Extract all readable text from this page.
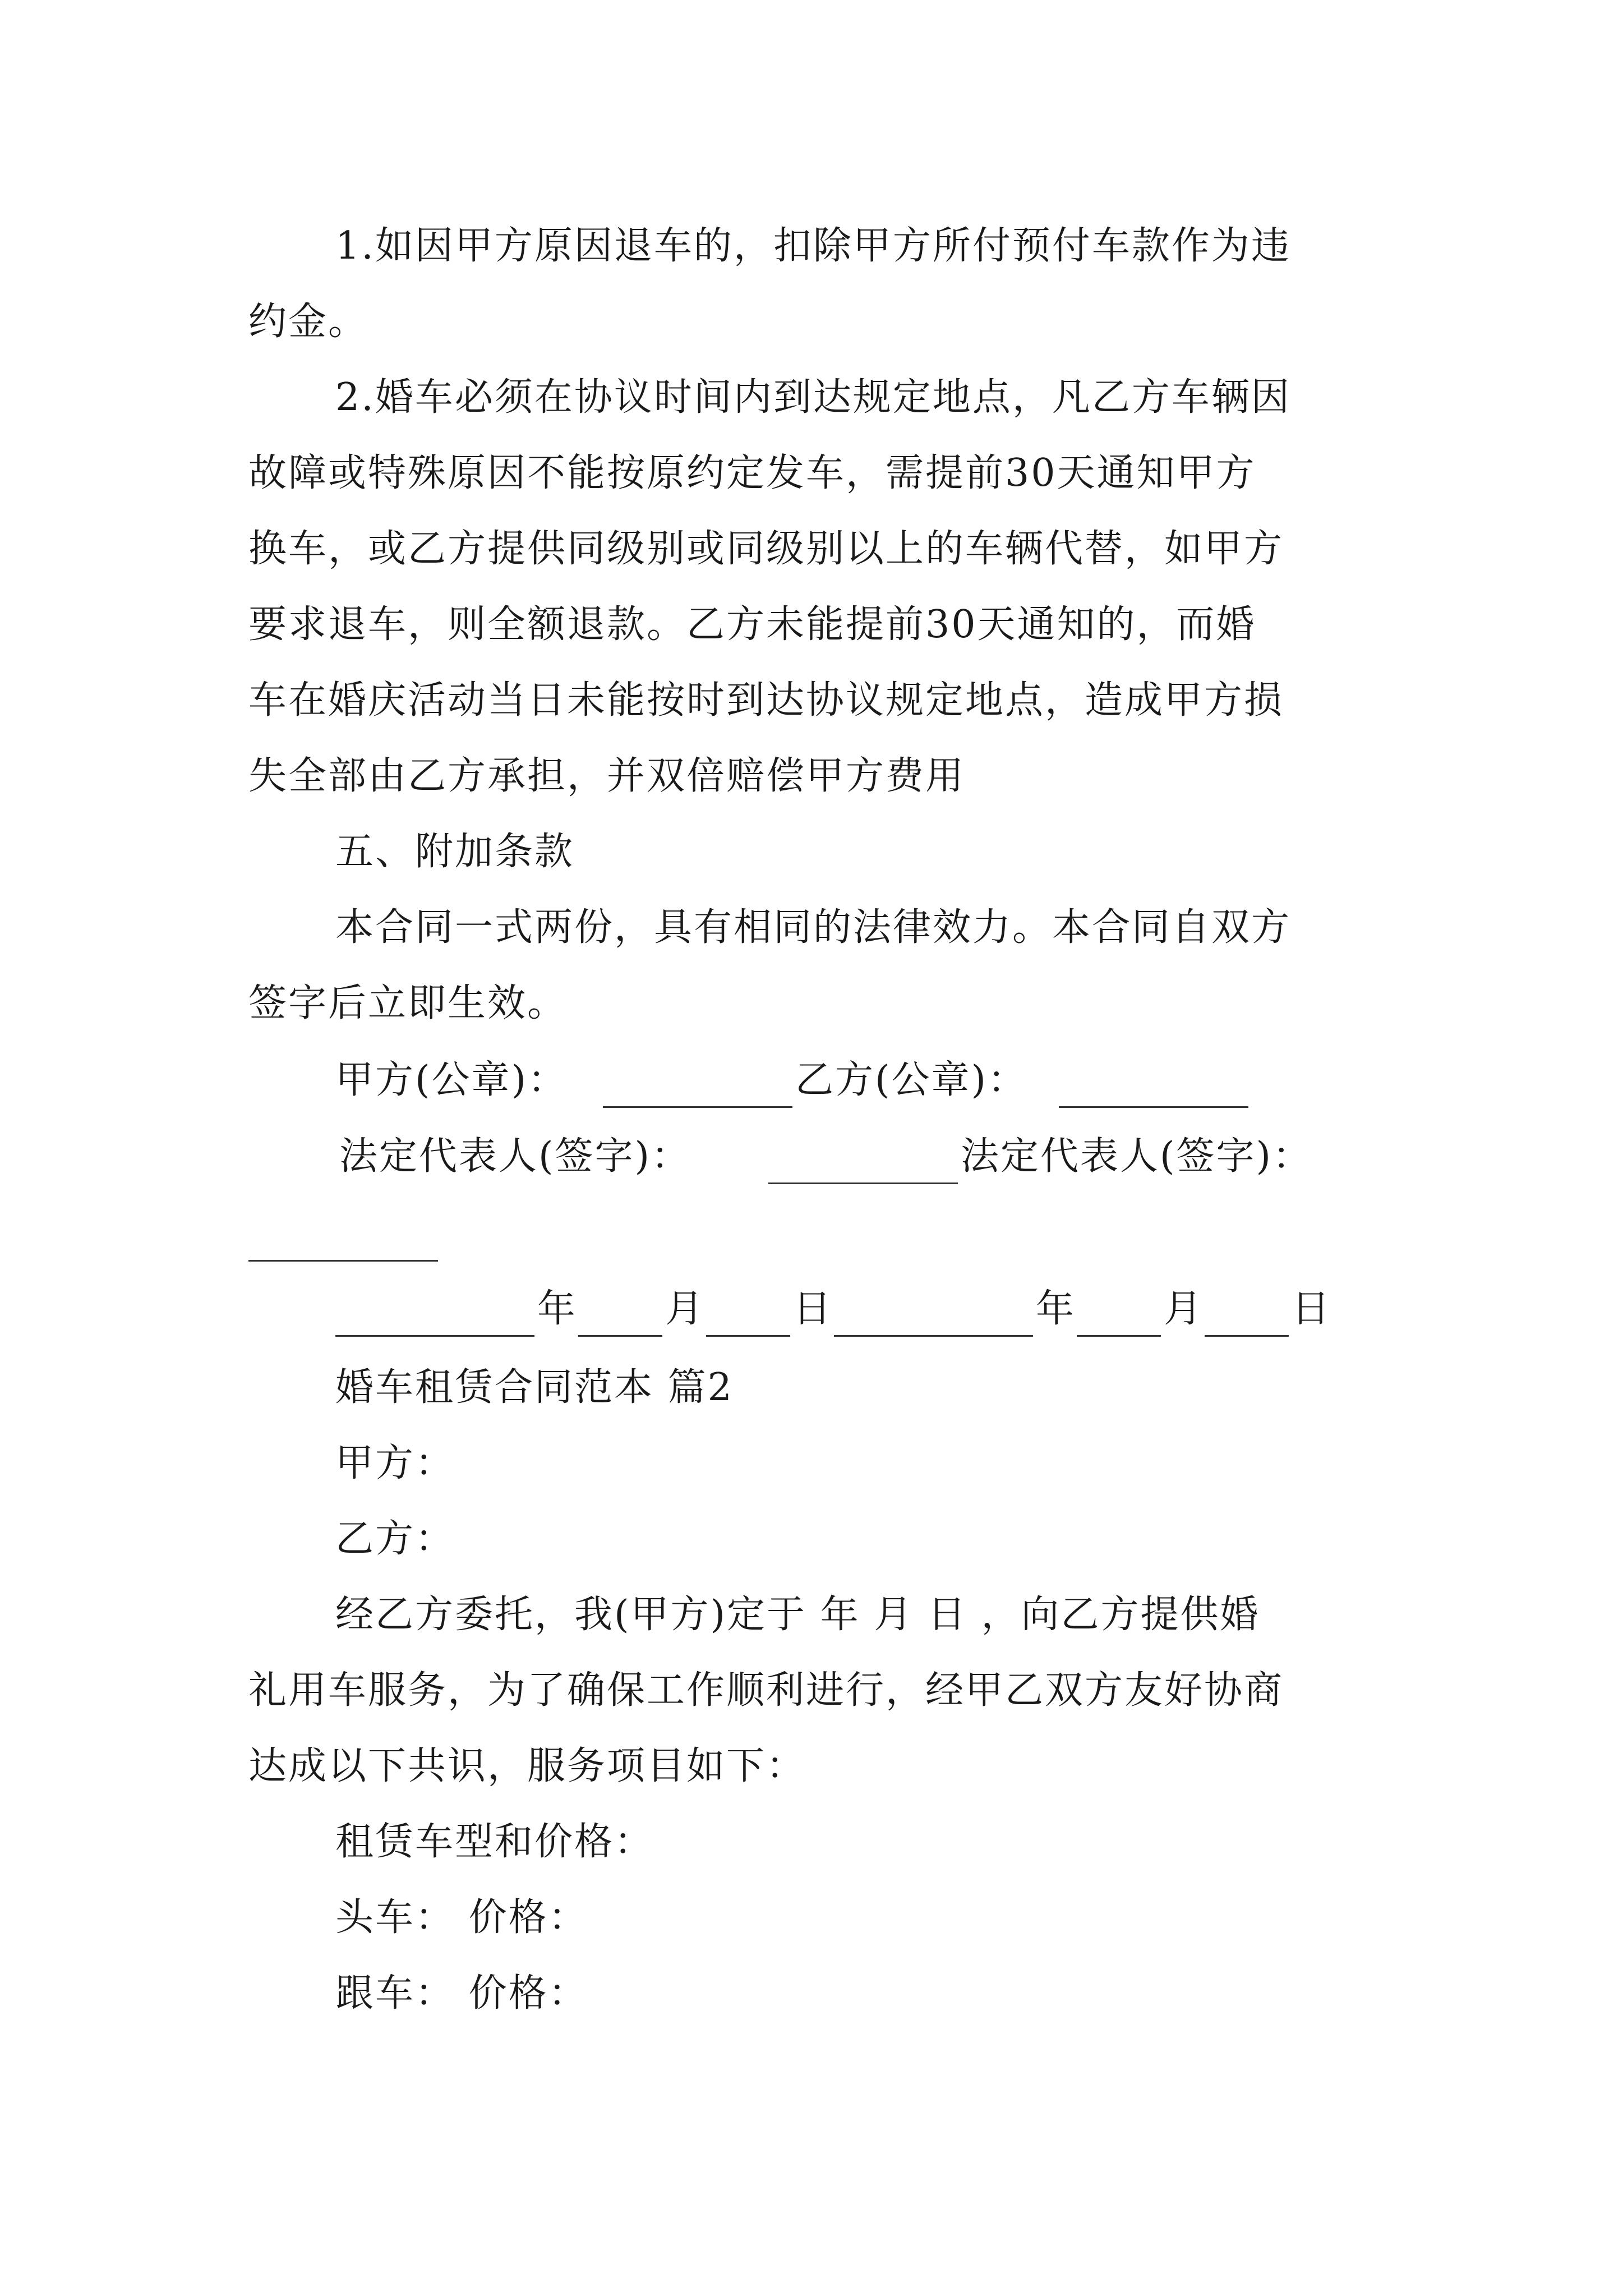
1.如因甲方原因退车的，扣除甲方所付预付车款作为违
约金。
2.婚车必须在协议时间内到达规定地点，凡乙方车辆因
故障或特殊原因不能按原约定发车，需提前30天通知甲方
换车，或乙方提供同级别或同级别以上的车辆代替，如甲方
要求退车，则全额退款。乙方未能提前30天通知的，而婚
车在婚庆活动当日未能按时到达协议规定地点，造成甲方损
失全部由乙方承担，并双倍赔偿甲方费用
五、附加条款
本合同一式两份，具有相同的法律效力。本合同自双方
签字后立即生效。
甲方(公章)：	乙方(公章)：
法定代表人(签字)：	法定代表人(签字)：
年 月 日	年 月 日
婚车租赁合同范本 篇2
甲方：
乙方：
经乙方委托，我(甲方)定于 年 月 日 ，向乙方提供婚
礼用车服务，为了确保工作顺利进行，经甲乙双方友好协商
达成以下共识，服务项目如下：
租赁车型和价格：
头车： 价格：
跟车： 价格：
